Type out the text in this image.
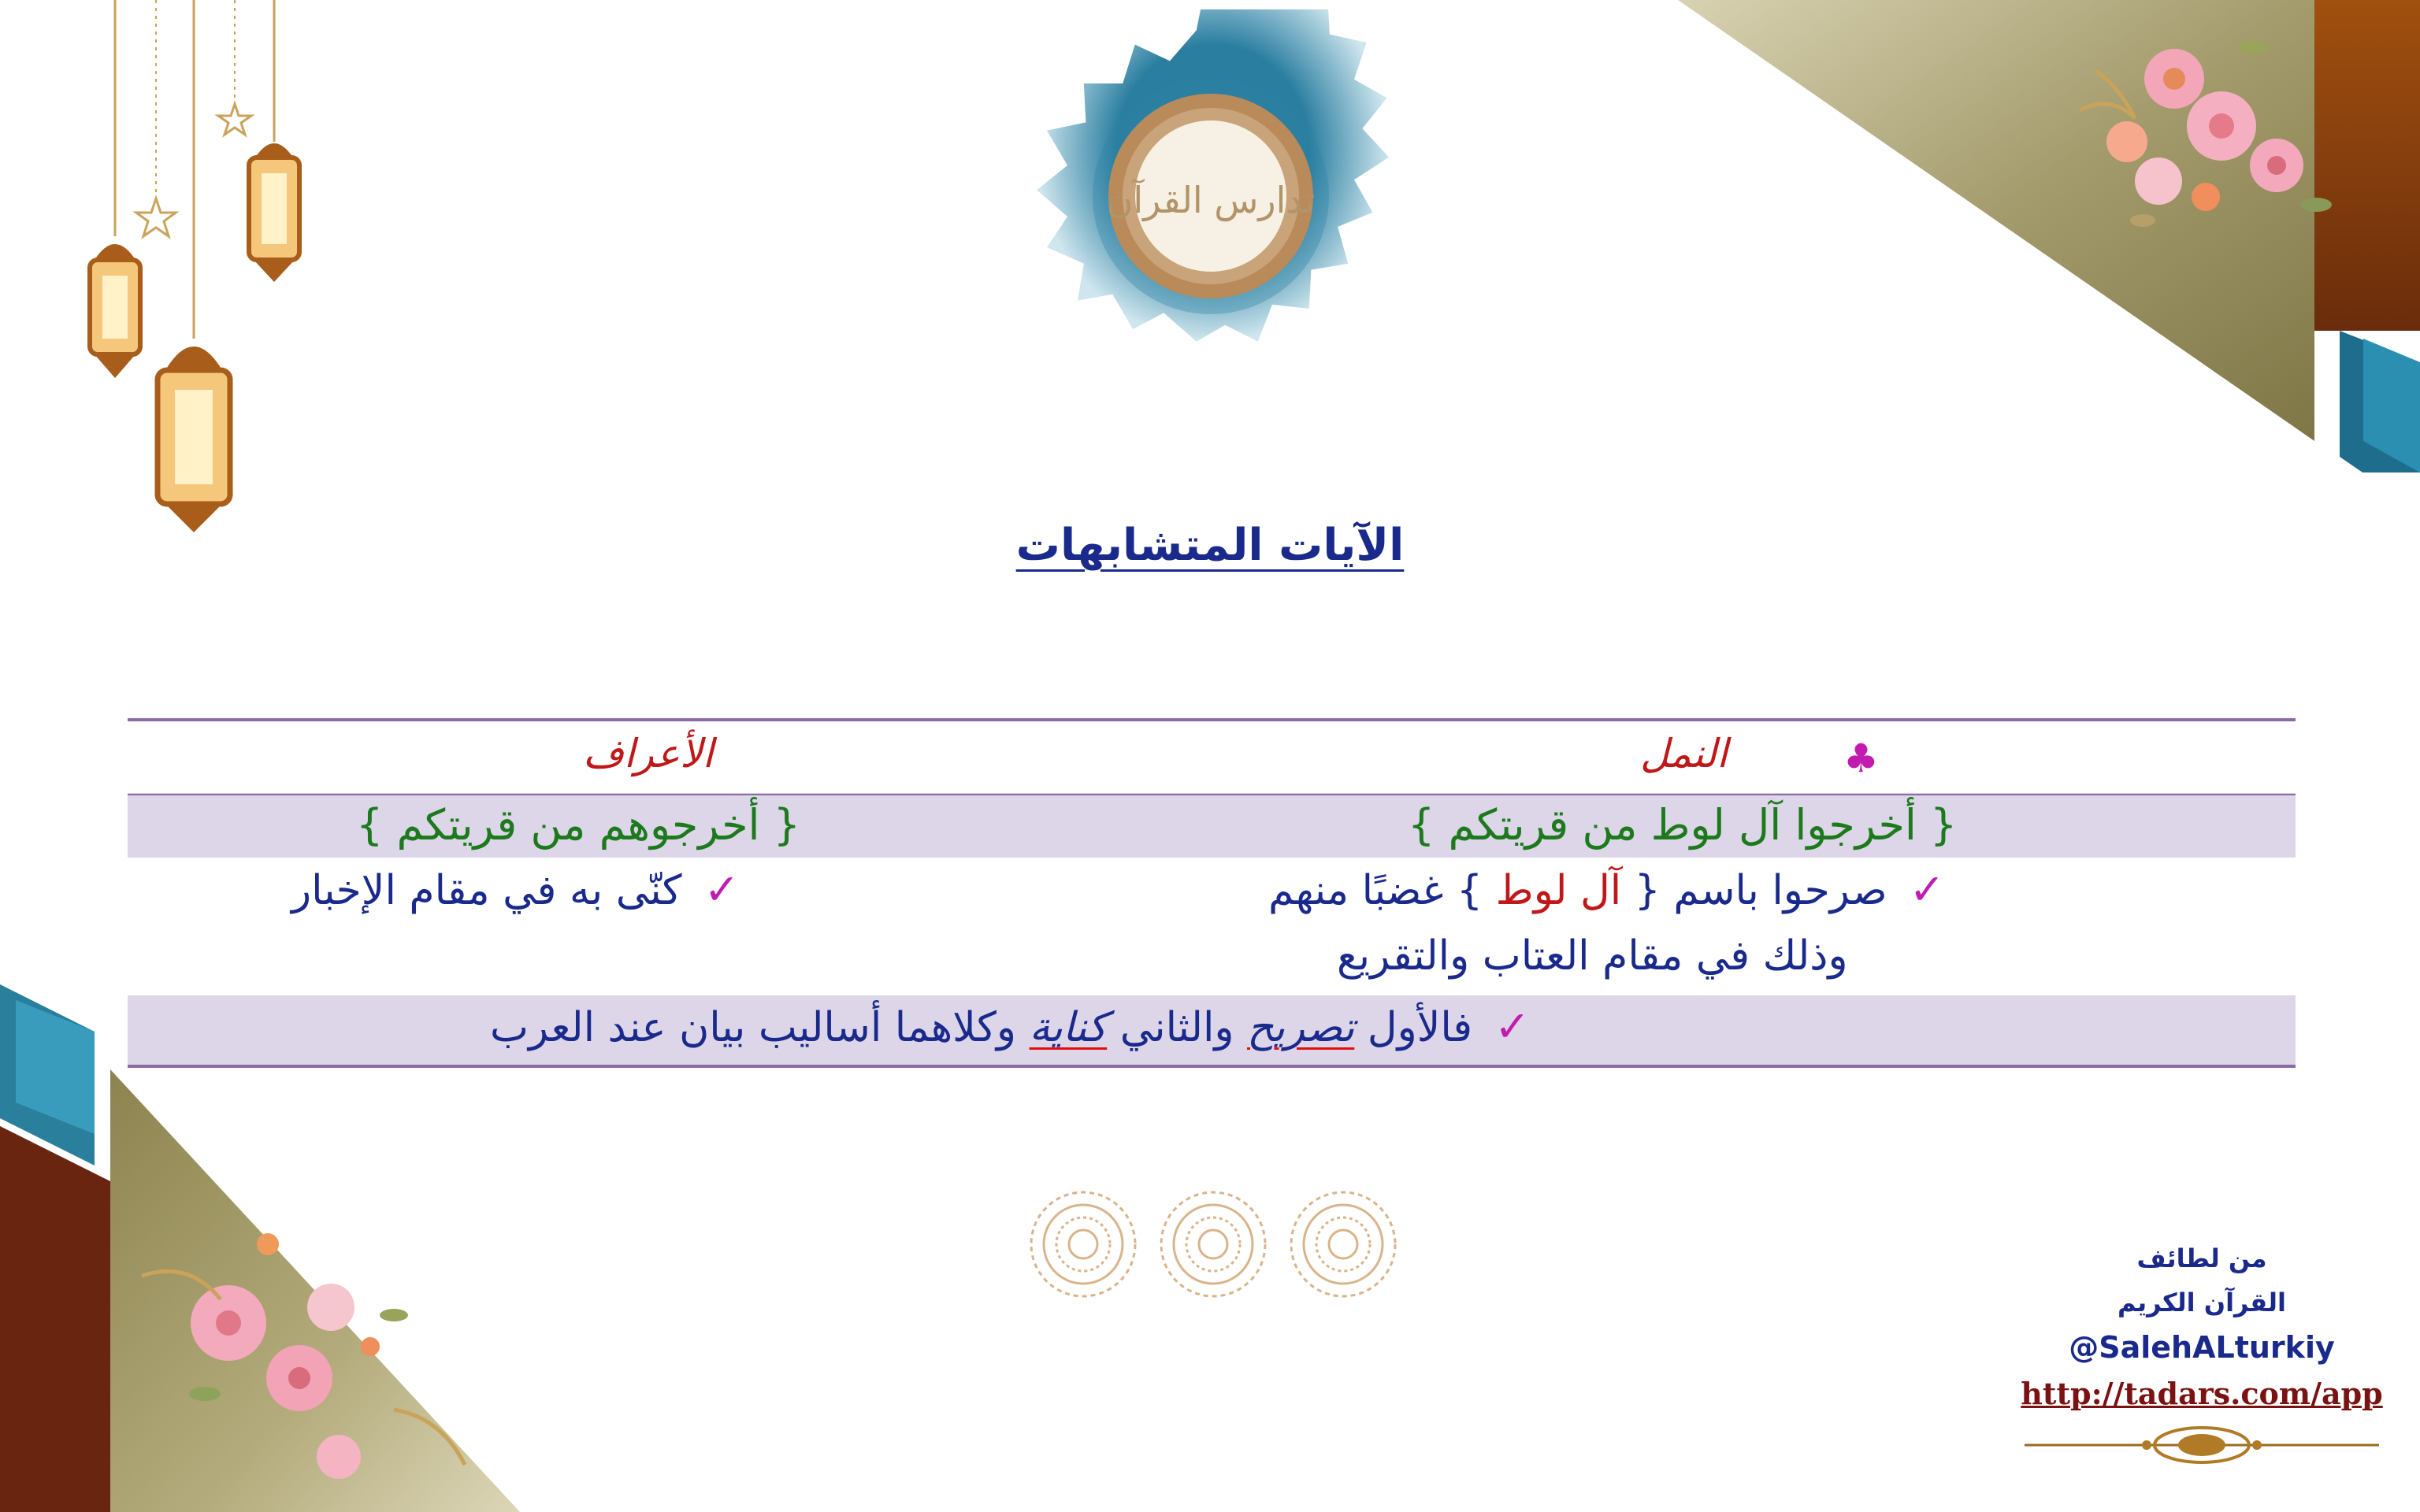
تدارس القرآن
الآيات المتشابهات
♣
النمل
الأعراف
{ أخرجوا آل لوط من قريتكم }
{ أخرجوهم من قريتكم }
✓صرحوا باسم { آل لوط } غضبًا منهم
وذلك في مقام العتاب والتقريع
✓كنّى به في مقام الإخبار
✓فالأول تصريح والثاني كناية وكلاهما أساليب بيان عند العرب
من لطائف
القرآن الكريم
@SalehALturkiy
http://tadars.com/app
